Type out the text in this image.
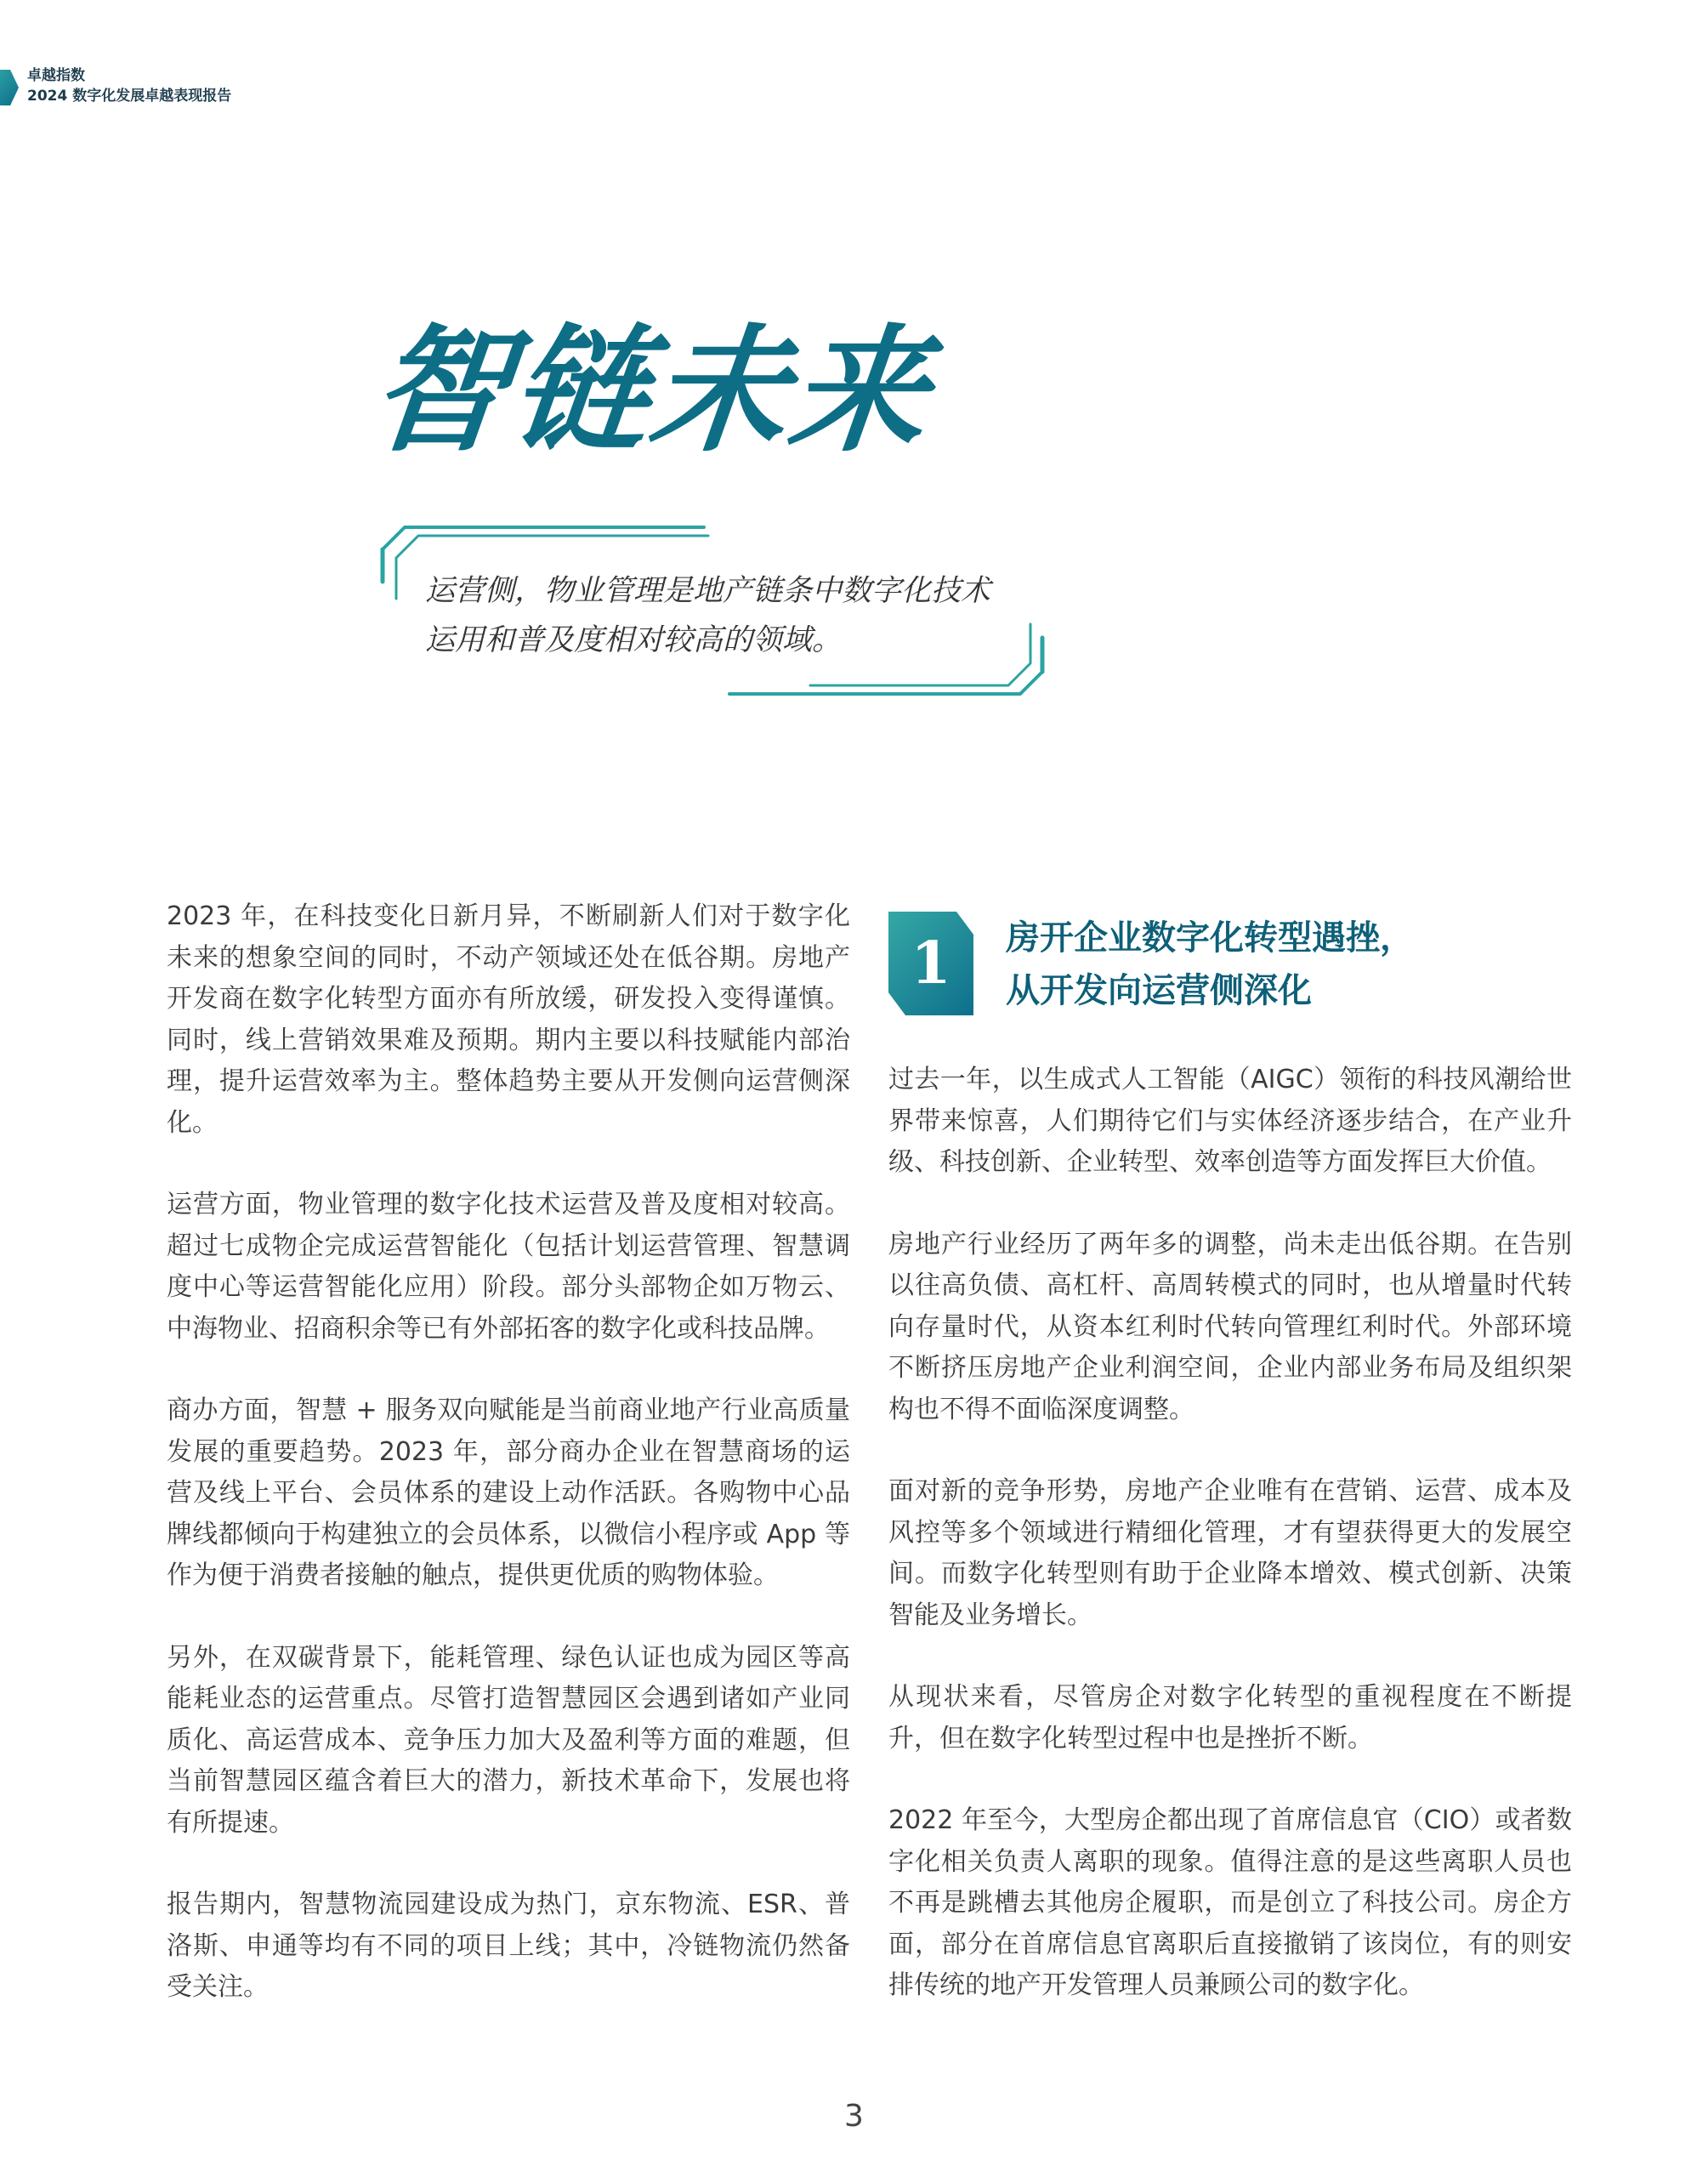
卓越指数
2024 数字化发展卓越表现报告
智链未来
运营侧，物业管理是地产链条中数字化技术
运用和普及度相对较高的领域。

2023 年，在科技变化日新月异，不断刷新人们对于数字化未来的想象空间的同时，不动产领域还处在低谷期。房地产开发商在数字化转型方面亦有所放缓，研发投入变得谨慎。同时，线上营销效果难及预期。期内主要以科技赋能内部治理，提升运营效率为主。整体趋势主要从开发侧向运营侧深化。

运营方面，物业管理的数字化技术运营及普及度相对较高。超过七成物企完成运营智能化（包括计划运营管理、智慧调度中心等运营智能化应用）阶段。部分头部物企如万物云、中海物业、招商积余等已有外部拓客的数字化或科技品牌。

商办方面，智慧 + 服务双向赋能是当前商业地产行业高质量发展的重要趋势。2023 年，部分商办企业在智慧商场的运营及线上平台、会员体系的建设上动作活跃。各购物中心品牌线都倾向于构建独立的会员体系，以微信小程序或 App 等作为便于消费者接触的触点，提供更优质的购物体验。

另外，在双碳背景下，能耗管理、绿色认证也成为园区等高能耗业态的运营重点。尽管打造智慧园区会遇到诸如产业同质化、高运营成本、竞争压力加大及盈利等方面的难题，但当前智慧园区蕴含着巨大的潜力，新技术革命下，发展也将有所提速。

报告期内，智慧物流园建设成为热门，京东物流、ESR、普洛斯、申通等均有不同的项目上线；其中，冷链物流仍然备受关注。

1	房开企业数字化转型遇挫，
从开发向运营侧深化

过去一年，以生成式人工智能（AIGC）领衔的科技风潮给世界带来惊喜，人们期待它们与实体经济逐步结合，在产业升级、科技创新、企业转型、效率创造等方面发挥巨大价值。

房地产行业经历了两年多的调整，尚未走出低谷期。在告别以往高负债、高杠杆、高周转模式的同时，也从增量时代转向存量时代，从资本红利时代转向管理红利时代。外部环境不断挤压房地产企业利润空间，企业内部业务布局及组织架构也不得不面临深度调整。

面对新的竞争形势，房地产企业唯有在营销、运营、成本及风控等多个领域进行精细化管理，才有望获得更大的发展空间。而数字化转型则有助于企业降本增效、模式创新、决策智能及业务增长。

从现状来看，尽管房企对数字化转型的重视程度在不断提升，但在数字化转型过程中也是挫折不断。

2022 年至今，大型房企都出现了首席信息官（CIO）或者数字化相关负责人离职的现象。值得注意的是这些离职人员也不再是跳槽去其他房企履职，而是创立了科技公司。房企方面，部分在首席信息官离职后直接撤销了该岗位，有的则安排传统的地产开发管理人员兼顾公司的数字化。

3
